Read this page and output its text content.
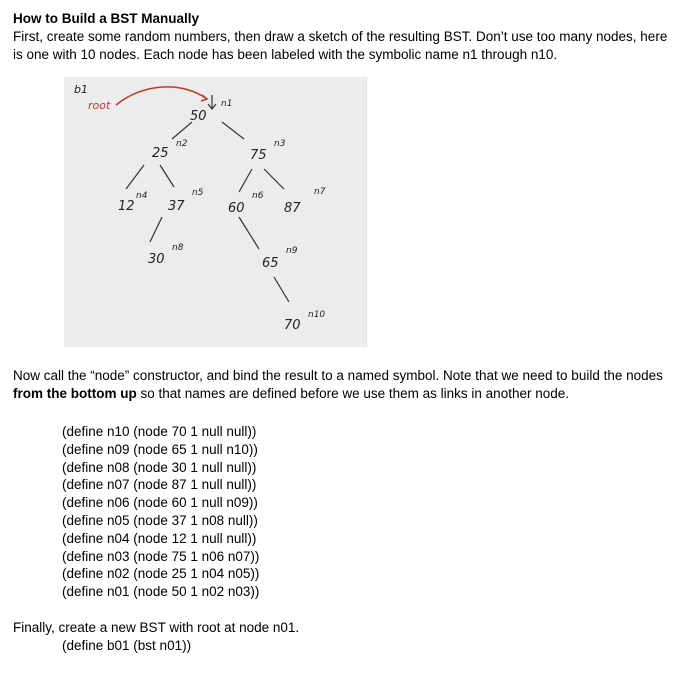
How to Build a BST Manually

First, create some random numbers, then draw a sketch of the resulting BST. Don’t use too many nodes, here is one with 10 nodes. Each node has been labeled with the symbolic name n1 through n10.

b1
root
50
n1
25
n2
75
n3
12
n4
37
n5
60
n6
87
n7
30
n8
65
n9
70
n10

Now call the “node” constructor, and bind the result to a named symbol. Note that we need to build the nodes from the bottom up so that names are defined before we use them as links in another node.

(define n10 (node 70 1 null null))
(define n09 (node 65 1 null n10))
(define n08 (node 30 1 null null))
(define n07 (node 87 1 null null))
(define n06 (node 60 1 null n09))
(define n05 (node 37 1 n08 null))
(define n04 (node 12 1 null null))
(define n03 (node 75 1 n06 n07))
(define n02 (node 25 1 n04 n05))
(define n01 (node 50 1 n02 n03))
Finally, create a new BST with root at node n01.
(define b01 (bst n01))
